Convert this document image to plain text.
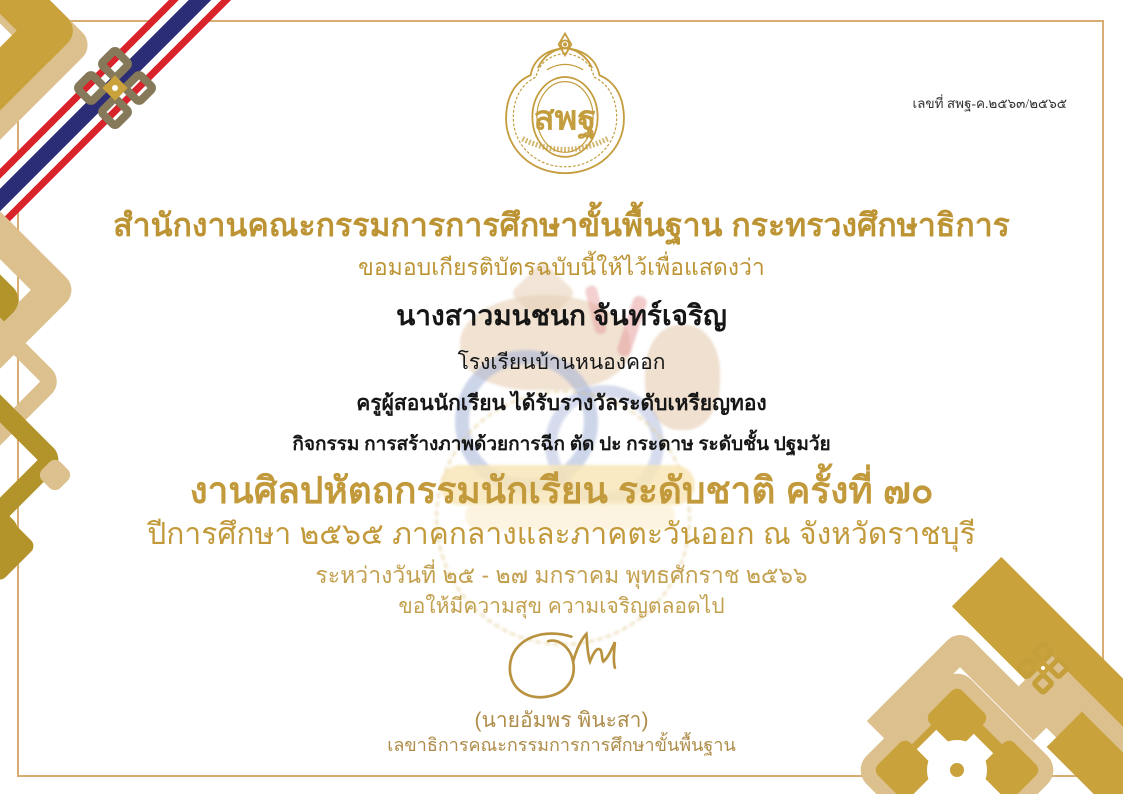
สพฐ	เลขที่ สพฐ-ค.๒๕๖๓/๒๕๖๕
สำนักงานคณะกรรมการการศึกษาขั้นพื้นฐาน กระทรวงศึกษาธิการ
ขอมอบเกียรติบัตรฉบับนี้ให้ไว้เพื่อแสดงว่า
นางสาวมนชนก จันทร์เจริญ
โรงเรียนบ้านหนองคอก
ครูผู้สอนนักเรียน ได้รับรางวัลระดับเหรียญทอง
กิจกรรม การสร้างภาพด้วยการฉีก ตัด ปะ กระดาษ ระดับชั้น ปฐมวัย
งานศิลปหัตถกรรมนักเรียน ระดับชาติ ครั้งที่ ๗๐
ปีการศึกษา ๒๕๖๕ ภาคกลางและภาคตะวันออก ณ จังหวัดราชบุรี
ระหว่างวันที่ ๒๕ - ๒๗ มกราคม พุทธศักราช ๒๕๖๖
ขอให้มีความสุข ความเจริญตลอดไป
(นายอัมพร พินะสา)
เลขาธิการคณะกรรมการการศึกษาขั้นพื้นฐาน
